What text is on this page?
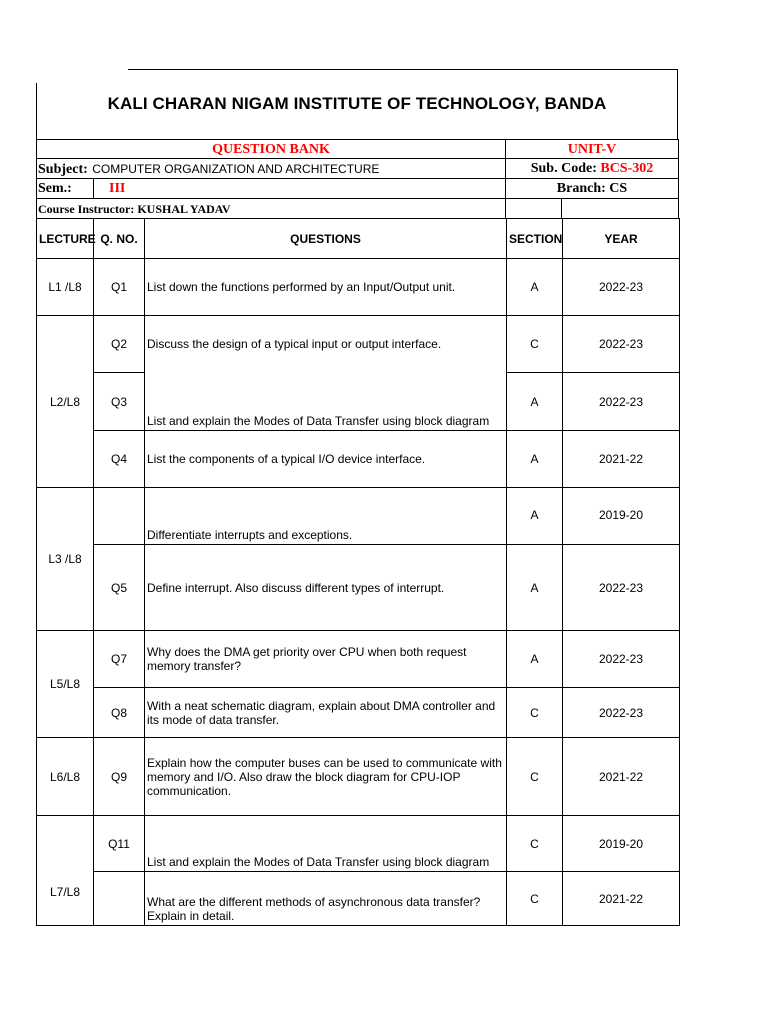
KALI CHARAN NIGAM INSTITUTE OF TECHNOLOGY, BANDA
QUESTION BANK	UNIT-V
Subject: COMPUTER ORGANIZATION AND ARCHITECTURE	Sub. Code: BCS-302
Sem.:	III	Branch: CS
Course Instructor: KUSHAL YADAV
LECTURE	Q. NO.	QUESTIONS	SECTION	YEAR
L1 /L8	Q1	List down the functions performed by an Input/Output unit.	A	2022-23
L2/L8	Q2	Discuss the design of a typical input or output interface.	C	2022-23
	Q3	List and explain the Modes of Data Transfer using block diagram	A	2022-23
	Q4	List the components of a typical I/O device interface.	A	2021-22
L3 /L8		Differentiate interrupts and exceptions.	A	2019-20
	Q5	Define interrupt. Also discuss different types of interrupt.	A	2022-23
L5/L8	Q7	Why does the DMA get priority over CPU when both request memory transfer?	A	2022-23
	Q8	With a neat schematic diagram, explain about DMA controller and its mode of data transfer.	C	2022-23
L6/L8	Q9	Explain how the computer buses can be used to communicate with memory and I/O. Also draw the block diagram for CPU-IOP communication.	C	2021-22
L7/L8	Q11	List and explain the Modes of Data Transfer using block diagram	C	2019-20
		What are the different methods of asynchronous data transfer? Explain in detail.	C	2021-22
